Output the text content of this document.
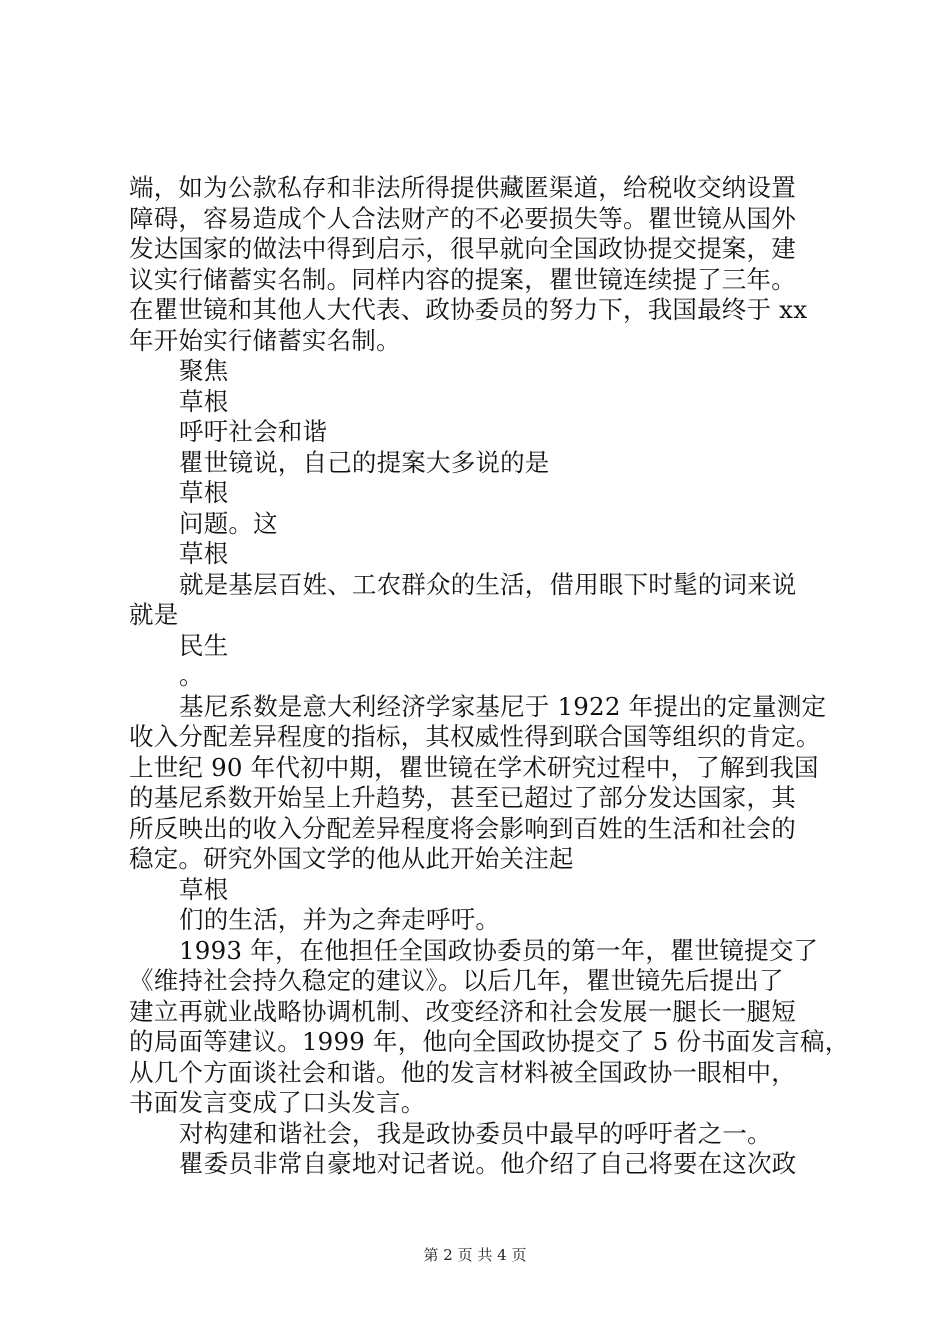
端，如为公款私存和非法所得提供藏匿渠道，给税收交纳设置
障碍，容易造成个人合法财产的不必要损失等。瞿世镜从国外
发达国家的做法中得到启示，很早就向全国政协提交提案，建
议实行储蓄实名制。同样内容的提案，瞿世镜连续提了三年。
在瞿世镜和其他人大代表、政协委员的努力下，我国最终于 xx
年开始实行储蓄实名制。
聚焦
草根
呼吁社会和谐
瞿世镜说，自己的提案大多说的是
草根
问题。这
草根
就是基层百姓、工农群众的生活，借用眼下时髦的词来说
就是
民生
。
基尼系数是意大利经济学家基尼于 1922 年提出的定量测定
收入分配差异程度的指标，其权威性得到联合国等组织的肯定。
上世纪 90 年代初中期，瞿世镜在学术研究过程中，了解到我国
的基尼系数开始呈上升趋势，甚至已超过了部分发达国家，其
所反映出的收入分配差异程度将会影响到百姓的生活和社会的
稳定。研究外国文学的他从此开始关注起
草根
们的生活，并为之奔走呼吁。
1993 年，在他担任全国政协委员的第一年，瞿世镜提交了
《维持社会持久稳定的建议》。以后几年，瞿世镜先后提出了
建立再就业战略协调机制、改变经济和社会发展一腿长一腿短
的局面等建议。1999 年，他向全国政协提交了 5 份书面发言稿，
从几个方面谈社会和谐。他的发言材料被全国政协一眼相中，
书面发言变成了口头发言。
对构建和谐社会，我是政协委员中最早的呼吁者之一。
瞿委员非常自豪地对记者说。他介绍了自己将要在这次政
第 2 页 共 4 页
